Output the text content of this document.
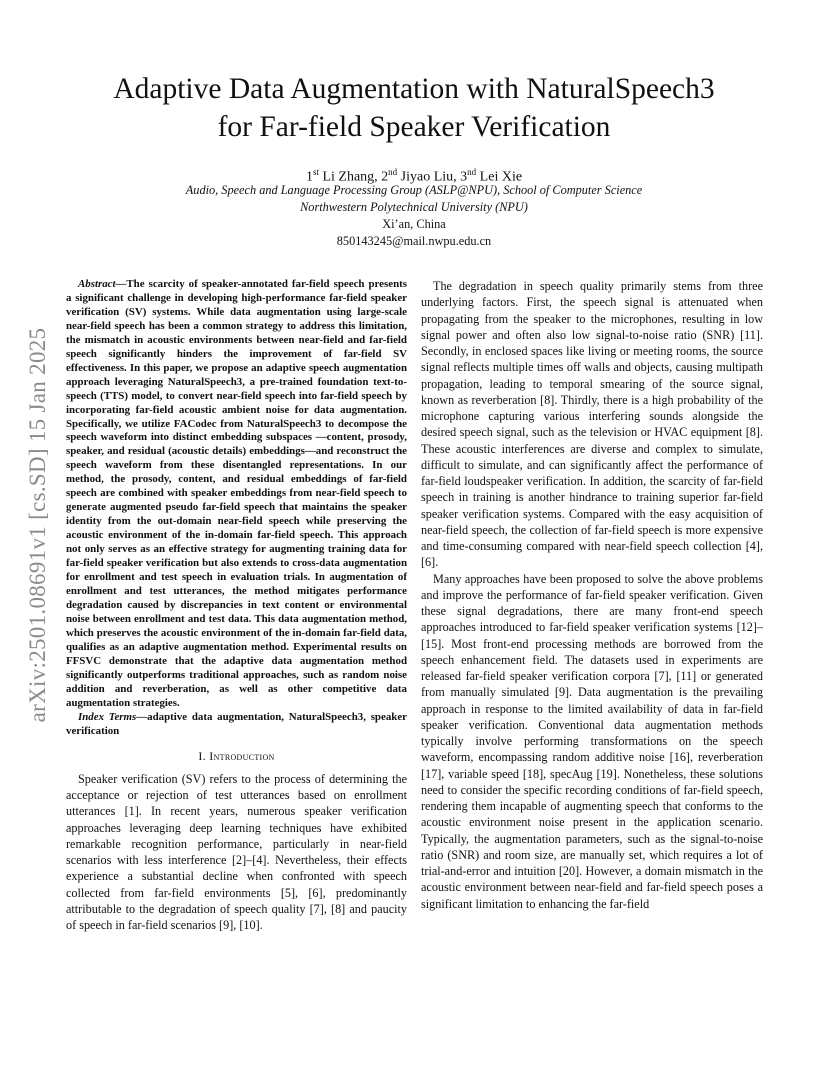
arXiv:2501.08691v1 [cs.SD] 15 Jan 2025
Adaptive Data Augmentation with NaturalSpeech3
for Far-field Speaker Verification
1st Li Zhang, 2nd Jiyao Liu, 3nd Lei Xie
Audio, Speech and Language Processing Group (ASLP@NPU), School of Computer Science
Northwestern Polytechnical University (NPU)
Xi’an, China
850143245@mail.nwpu.edu.cn

Abstract—The scarcity of speaker-annotated far-field speech presents a significant challenge in developing high-performance far-field speaker verification (SV) systems. While data augmentation using large-scale near-field speech has been a common strategy to address this limitation, the mismatch in acoustic environments between near-field and far-field speech significantly hinders the improvement of far-field SV effectiveness. In this paper, we propose an adaptive speech augmentation approach leveraging NaturalSpeech3, a pre-trained foundation text-to-speech (TTS) model, to convert near-field speech into far-field speech by incorporating far-field acoustic ambient noise for data augmentation. Specifically, we utilize FACodec from NaturalSpeech3 to decompose the speech waveform into distinct embedding subspaces —content, prosody, speaker, and residual (acoustic details) embeddings—and reconstruct the speech waveform from these disentangled representations. In our method, the prosody, content, and residual embeddings of far-field speech are combined with speaker embeddings from near-field speech to generate augmented pseudo far-field speech that maintains the speaker identity from the out-domain near-field speech while preserving the acoustic environment of the in-domain far-field speech. This approach not only serves as an effective strategy for augmenting training data for far-field speaker verification but also extends to cross-data augmentation for enrollment and test speech in evaluation trials. In augmentation of enrollment and test utterances, the method mitigates performance degradation caused by discrepancies in text content or environmental noise between enrollment and test data. This data augmentation method, which preserves the acoustic environment of the in-domain far-field data, qualifies as an adaptive augmentation method. Experimental results on FFSVC demonstrate that the adaptive data augmentation method significantly outperforms traditional approaches, such as random noise addition and reverberation, as well as other competitive data augmentation strategies.

Index Terms—adaptive data augmentation, NaturalSpeech3, speaker verification

I. Introduction

Speaker verification (SV) refers to the process of determining the acceptance or rejection of test utterances based on enrollment utterances [1]. In recent years, numerous speaker verification approaches leveraging deep learning techniques have exhibited remarkable recognition performance, particularly in near-field scenarios with less interference [2]–[4]. Nevertheless, their effects experience a substantial decline when confronted with speech collected from far-field environments [5], [6], predominantly attributable to the degradation of speech quality [7], [8] and paucity of speech in far-field scenarios [9], [10].

The degradation in speech quality primarily stems from three underlying factors. First, the speech signal is attenuated when propagating from the speaker to the microphones, resulting in low signal power and often also low signal-to-noise ratio (SNR) [11]. Secondly, in enclosed spaces like living or meeting rooms, the source signal reflects multiple times off walls and objects, causing multipath propagation, leading to temporal smearing of the source signal, known as reverberation [8]. Thirdly, there is a high probability of the microphone capturing various interfering sounds alongside the desired speech signal, such as the television or HVAC equipment [8]. These acoustic interferences are diverse and complex to simulate, difficult to simulate, and can significantly affect the performance of far-field loudspeaker verification. In addition, the scarcity of far-field speech in training is another hindrance to training superior far-field speaker verification systems. Compared with the easy acquisition of near-field speech, the collection of far-field speech is more expensive and time-consuming compared with near-field speech collection [4], [6].

Many approaches have been proposed to solve the above problems and improve the performance of far-field speaker verification. Given these signal degradations, there are many front-end speech approaches introduced to far-field speaker verification systems [12]–[15]. Most front-end processing methods are borrowed from the speech enhancement field. The datasets used in experiments are released far-field speaker verification corpora [7], [11] or generated from manually simulated [9]. Data augmentation is the prevailing approach in response to the limited availability of data in far-field speaker verification. Conventional data augmentation methods typically involve performing transformations on the speech waveform, encompassing random additive noise [16], reverberation [17], variable speed [18], specAug [19]. Nonetheless, these solutions need to consider the specific recording conditions of far-field speech, rendering them incapable of augmenting speech that conforms to the acoustic environment noise present in the application scenario. Typically, the augmentation parameters, such as the signal-to-noise ratio (SNR) and room size, are manually set, which requires a lot of trial-and-error and intuition [20]. However, a domain mismatch in the acoustic environment between near-field and far-field speech poses a significant limitation to enhancing the far-field
